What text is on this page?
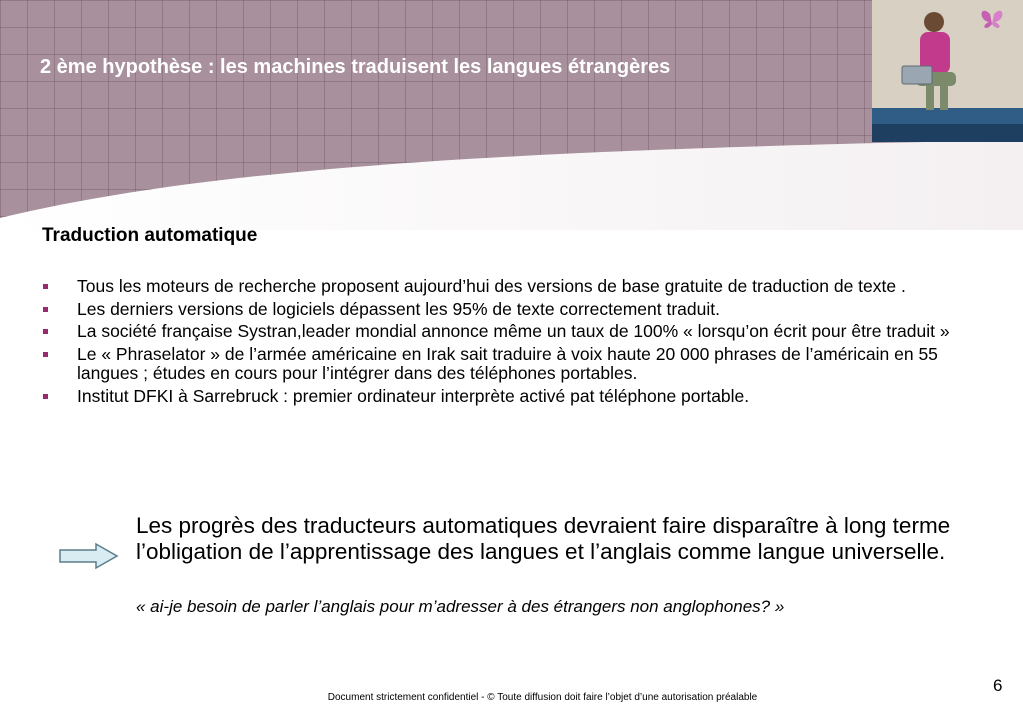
2 ème hypothèse : les machines traduisent les langues étrangères
Traduction automatique
Tous les moteurs de recherche proposent aujourd’hui des versions de base gratuite de traduction de texte .
Les derniers versions de logiciels dépassent les 95% de texte correctement traduit.
La société française Systran,leader mondial annonce même un taux de 100% « lorsqu’on écrit pour être traduit »
Le « Phraselator » de l’armée américaine en Irak sait traduire à voix haute 20 000 phrases de l’américain en 55 langues ; études en cours pour l’intégrer dans des téléphones portables.
Institut DFKI à Sarrebruck : premier ordinateur interprète activé pat téléphone portable.
Les progrès des traducteurs automatiques devraient faire disparaître à long terme l’obligation de l’apprentissage des langues et l’anglais comme langue universelle.
« ai-je besoin de parler l’anglais pour m’adresser à des étrangers non anglophones? »
Document strictement confidentiel - © Toute diffusion doit faire l’objet d’une autorisation préalable
6
